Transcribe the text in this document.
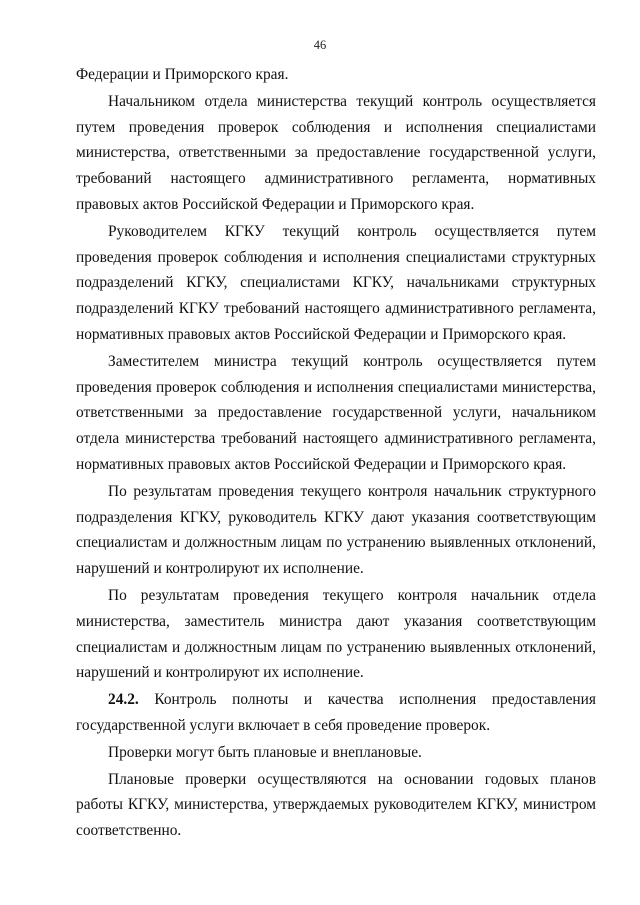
46

Федерации и Приморского края.

Начальником отдела министерства текущий контроль осуществляется путем проведения проверок соблюдения и исполнения специалистами министерства, ответственными за предоставление государственной услуги, требований настоящего административного регламента, нормативных правовых актов Российской Федерации и Приморского края.

Руководителем КГКУ текущий контроль осуществляется путем проведения проверок соблюдения и исполнения специалистами структурных подразделений КГКУ, специалистами КГКУ, начальниками структурных подразделений КГКУ требований настоящего административного регламента, нормативных правовых актов Российской Федерации и Приморского края.

Заместителем министра текущий контроль осуществляется путем проведения проверок соблюдения и исполнения специалистами министерства, ответственными за предоставление государственной услуги, начальником отдела министерства требований настоящего административного регламента, нормативных правовых актов Российской Федерации и Приморского края.

По результатам проведения текущего контроля начальник структурного подразделения КГКУ, руководитель КГКУ дают указания соответствующим специалистам и должностным лицам по устранению выявленных отклонений, нарушений и контролируют их исполнение.

По результатам проведения текущего контроля начальник отдела министерства, заместитель министра дают указания соответствующим специалистам и должностным лицам по устранению выявленных отклонений, нарушений и контролируют их исполнение.

24.2. Контроль полноты и качества исполнения предоставления государственной услуги включает в себя проведение проверок.

Проверки могут быть плановые и внеплановые.

Плановые проверки осуществляются на основании годовых планов работы КГКУ, министерства, утверждаемых руководителем КГКУ, министром соответственно.
